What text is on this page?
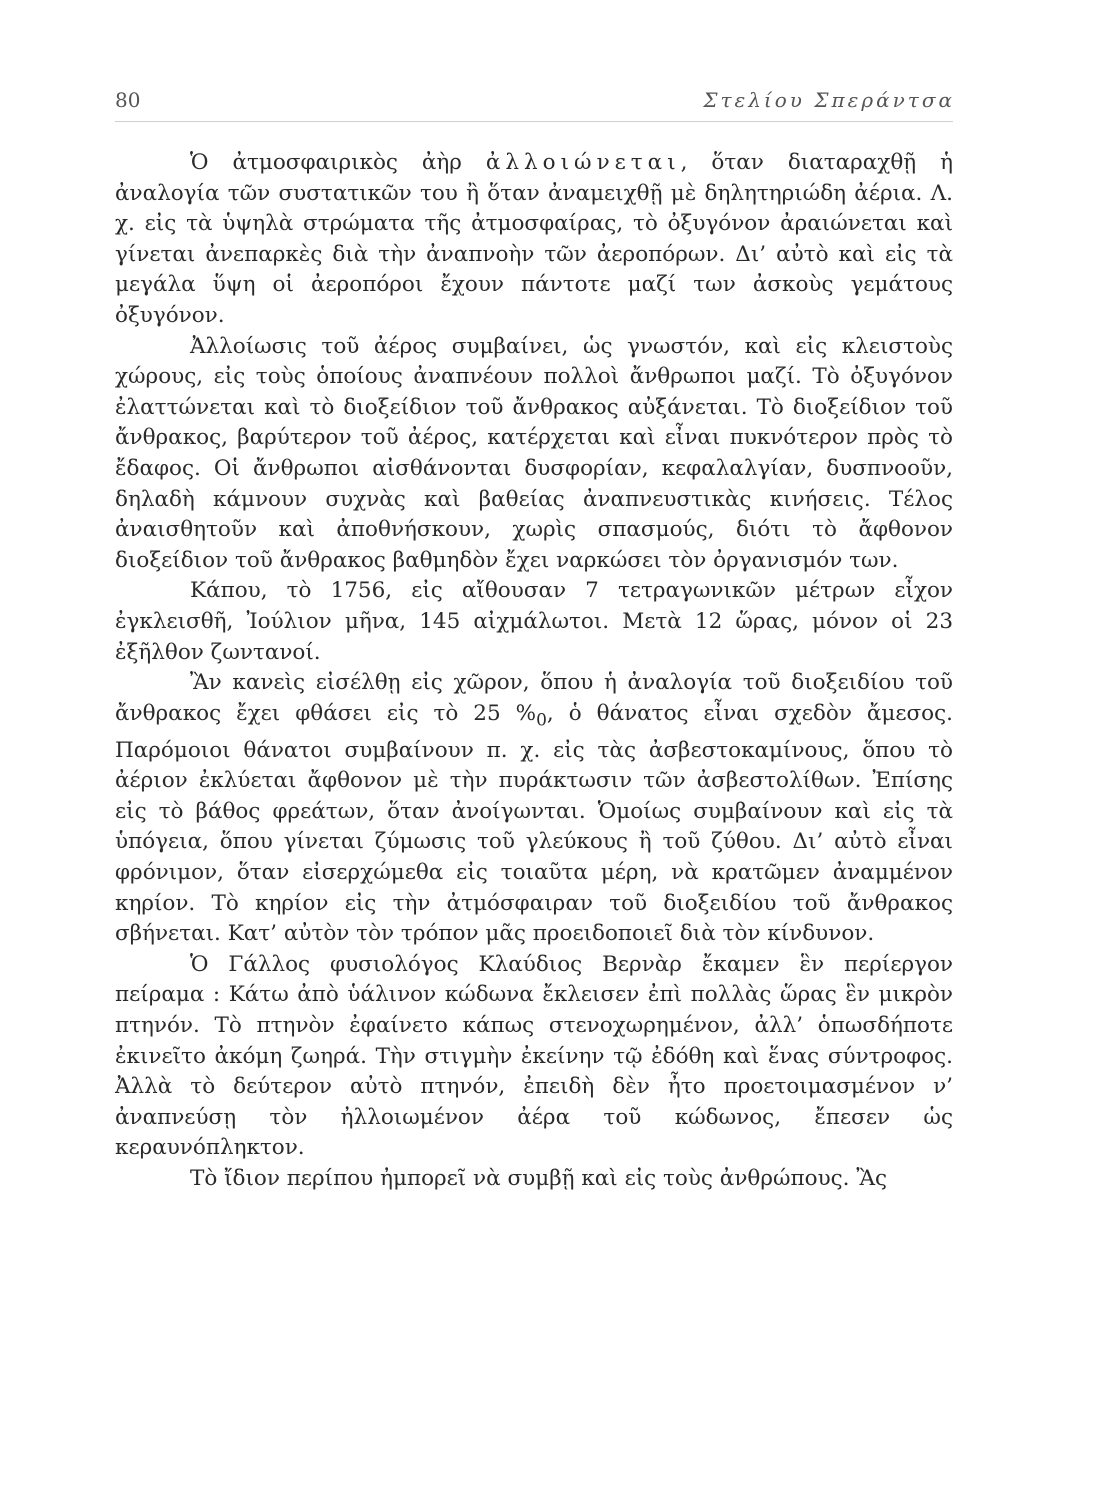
80	Στελίου Σπεράντσα

Ὁ ἀτμοσφαιρικὸς ἀὴρ ἀλλοιώνεται, ὅταν διαταραχθῇ ἡ ἀναλογία τῶν συστατικῶν του ἢ ὅταν ἀναμειχθῇ μὲ δηλητηριώδη ἀέρια. Λ. χ. εἰς τὰ ὑψηλὰ στρώματα τῆς ἀτμοσφαίρας, τὸ ὀξυγόνον ἀραιώνεται καὶ γίνεται ἀνεπαρκὲς διὰ τὴν ἀναπνοὴν τῶν ἀεροπόρων. Δι’ αὐτὸ καὶ εἰς τὰ μεγάλα ὕψη οἱ ἀεροπόροι ἔχουν πάντοτε μαζί των ἀσκοὺς γεμάτους ὀξυγόνον.

Ἀλλοίωσις τοῦ ἀέρος συμβαίνει, ὡς γνωστόν, καὶ εἰς κλειστοὺς χώρους, εἰς τοὺς ὁποίους ἀναπνέουν πολλοὶ ἄνθρωποι μαζί. Τὸ ὀξυγόνον ἐλαττώνεται καὶ τὸ διοξείδιον τοῦ ἄνθρακος αὐξάνεται. Τὸ διοξείδιον τοῦ ἄνθρακος, βαρύτερον τοῦ ἀέρος, κατέρχεται καὶ εἶναι πυκνότερον πρὸς τὸ ἔδαφος. Οἱ ἄνθρωποι αἰσθάνονται δυσφορίαν, κεφαλαλγίαν, δυσπνοοῦν, δηλαδὴ κάμνουν συχνὰς καὶ βαθείας ἀναπνευστικὰς κινήσεις. Τέλος ἀναισθητοῦν καὶ ἀποθνήσκουν, χωρὶς σπασμούς, διότι τὸ ἄφθονον διοξείδιον τοῦ ἄνθρακος βαθμηδὸν ἔχει ναρκώσει τὸν ὀργανισμόν των.

Κάπου, τὸ 1756, εἰς αἴθουσαν 7 τετραγωνικῶν μέτρων εἶχον ἐγκλεισθῆ, Ἰούλιον μῆνα, 145 αἰχμάλωτοι. Μετὰ 12 ὥρας, μόνον οἱ 23 ἐξῆλθον ζωντανοί.

Ἂν κανεὶς εἰσέλθῃ εἰς χῶρον, ὅπου ἡ ἀναλογία τοῦ διοξειδίου τοῦ ἄνθρακος ἔχει φθάσει εἰς τὸ 25 $\%_0$, ὁ θάνατος εἶναι σχεδὸν ἄμεσος. Παρόμοιοι θάνατοι συμβαίνουν π. χ. εἰς τὰς ἀσβεστοκαμίνους, ὅπου τὸ ἀέριον ἐκλύεται ἄφθονον μὲ τὴν πυράκτωσιν τῶν ἀσβεστολίθων. Ἐπίσης εἰς τὸ βάθος φρεάτων, ὅταν ἀνοίγωνται. Ὁμοίως συμβαίνουν καὶ εἰς τὰ ὑπόγεια, ὅπου γίνεται ζύμωσις τοῦ γλεύκους ἢ τοῦ ζύθου. Δι’ αὐτὸ εἶναι φρόνιμον, ὅταν εἰσερχώμεθα εἰς τοιαῦτα μέρη, νὰ κρατῶμεν ἀναμμένον κηρίον. Τὸ κηρίον εἰς τὴν ἀτμόσφαιραν τοῦ διοξειδίου τοῦ ἄνθρακος σβήνεται. Κατ’ αὐτὸν τὸν τρόπον μᾶς προειδοποιεῖ διὰ τὸν κίνδυνον.

Ὁ Γάλλος φυσιολόγος Κλαύδιος Βερνὰρ ἔκαμεν ἓν περίεργον πείραμα : Κάτω ἀπὸ ὑάλινον κώδωνα ἔκλεισεν ἐπὶ πολλὰς ὥρας ἓν μικρὸν πτηνόν. Τὸ πτηνὸν ἐφαίνετο κάπως στενοχωρημένον, ἀλλ’ ὁπωσδήποτε ἐκινεῖτο ἀκόμη ζωηρά. Τὴν στιγμὴν ἐκείνην τῷ ἐδόθη καὶ ἕνας σύντροφος. Ἀλλὰ τὸ δεύτερον αὐτὸ πτηνόν, ἐπειδὴ δὲν ἦτο προετοιμασμένον ν’ ἀναπνεύσῃ τὸν ἠλλοιωμένον ἀέρα τοῦ κώδωνος, ἔπεσεν ὡς κεραυνόπληκτον.

Τὸ ἴδιον περίπου ἠμπορεῖ νὰ συμβῇ καὶ εἰς τοὺς ἀνθρώπους. Ἂς
